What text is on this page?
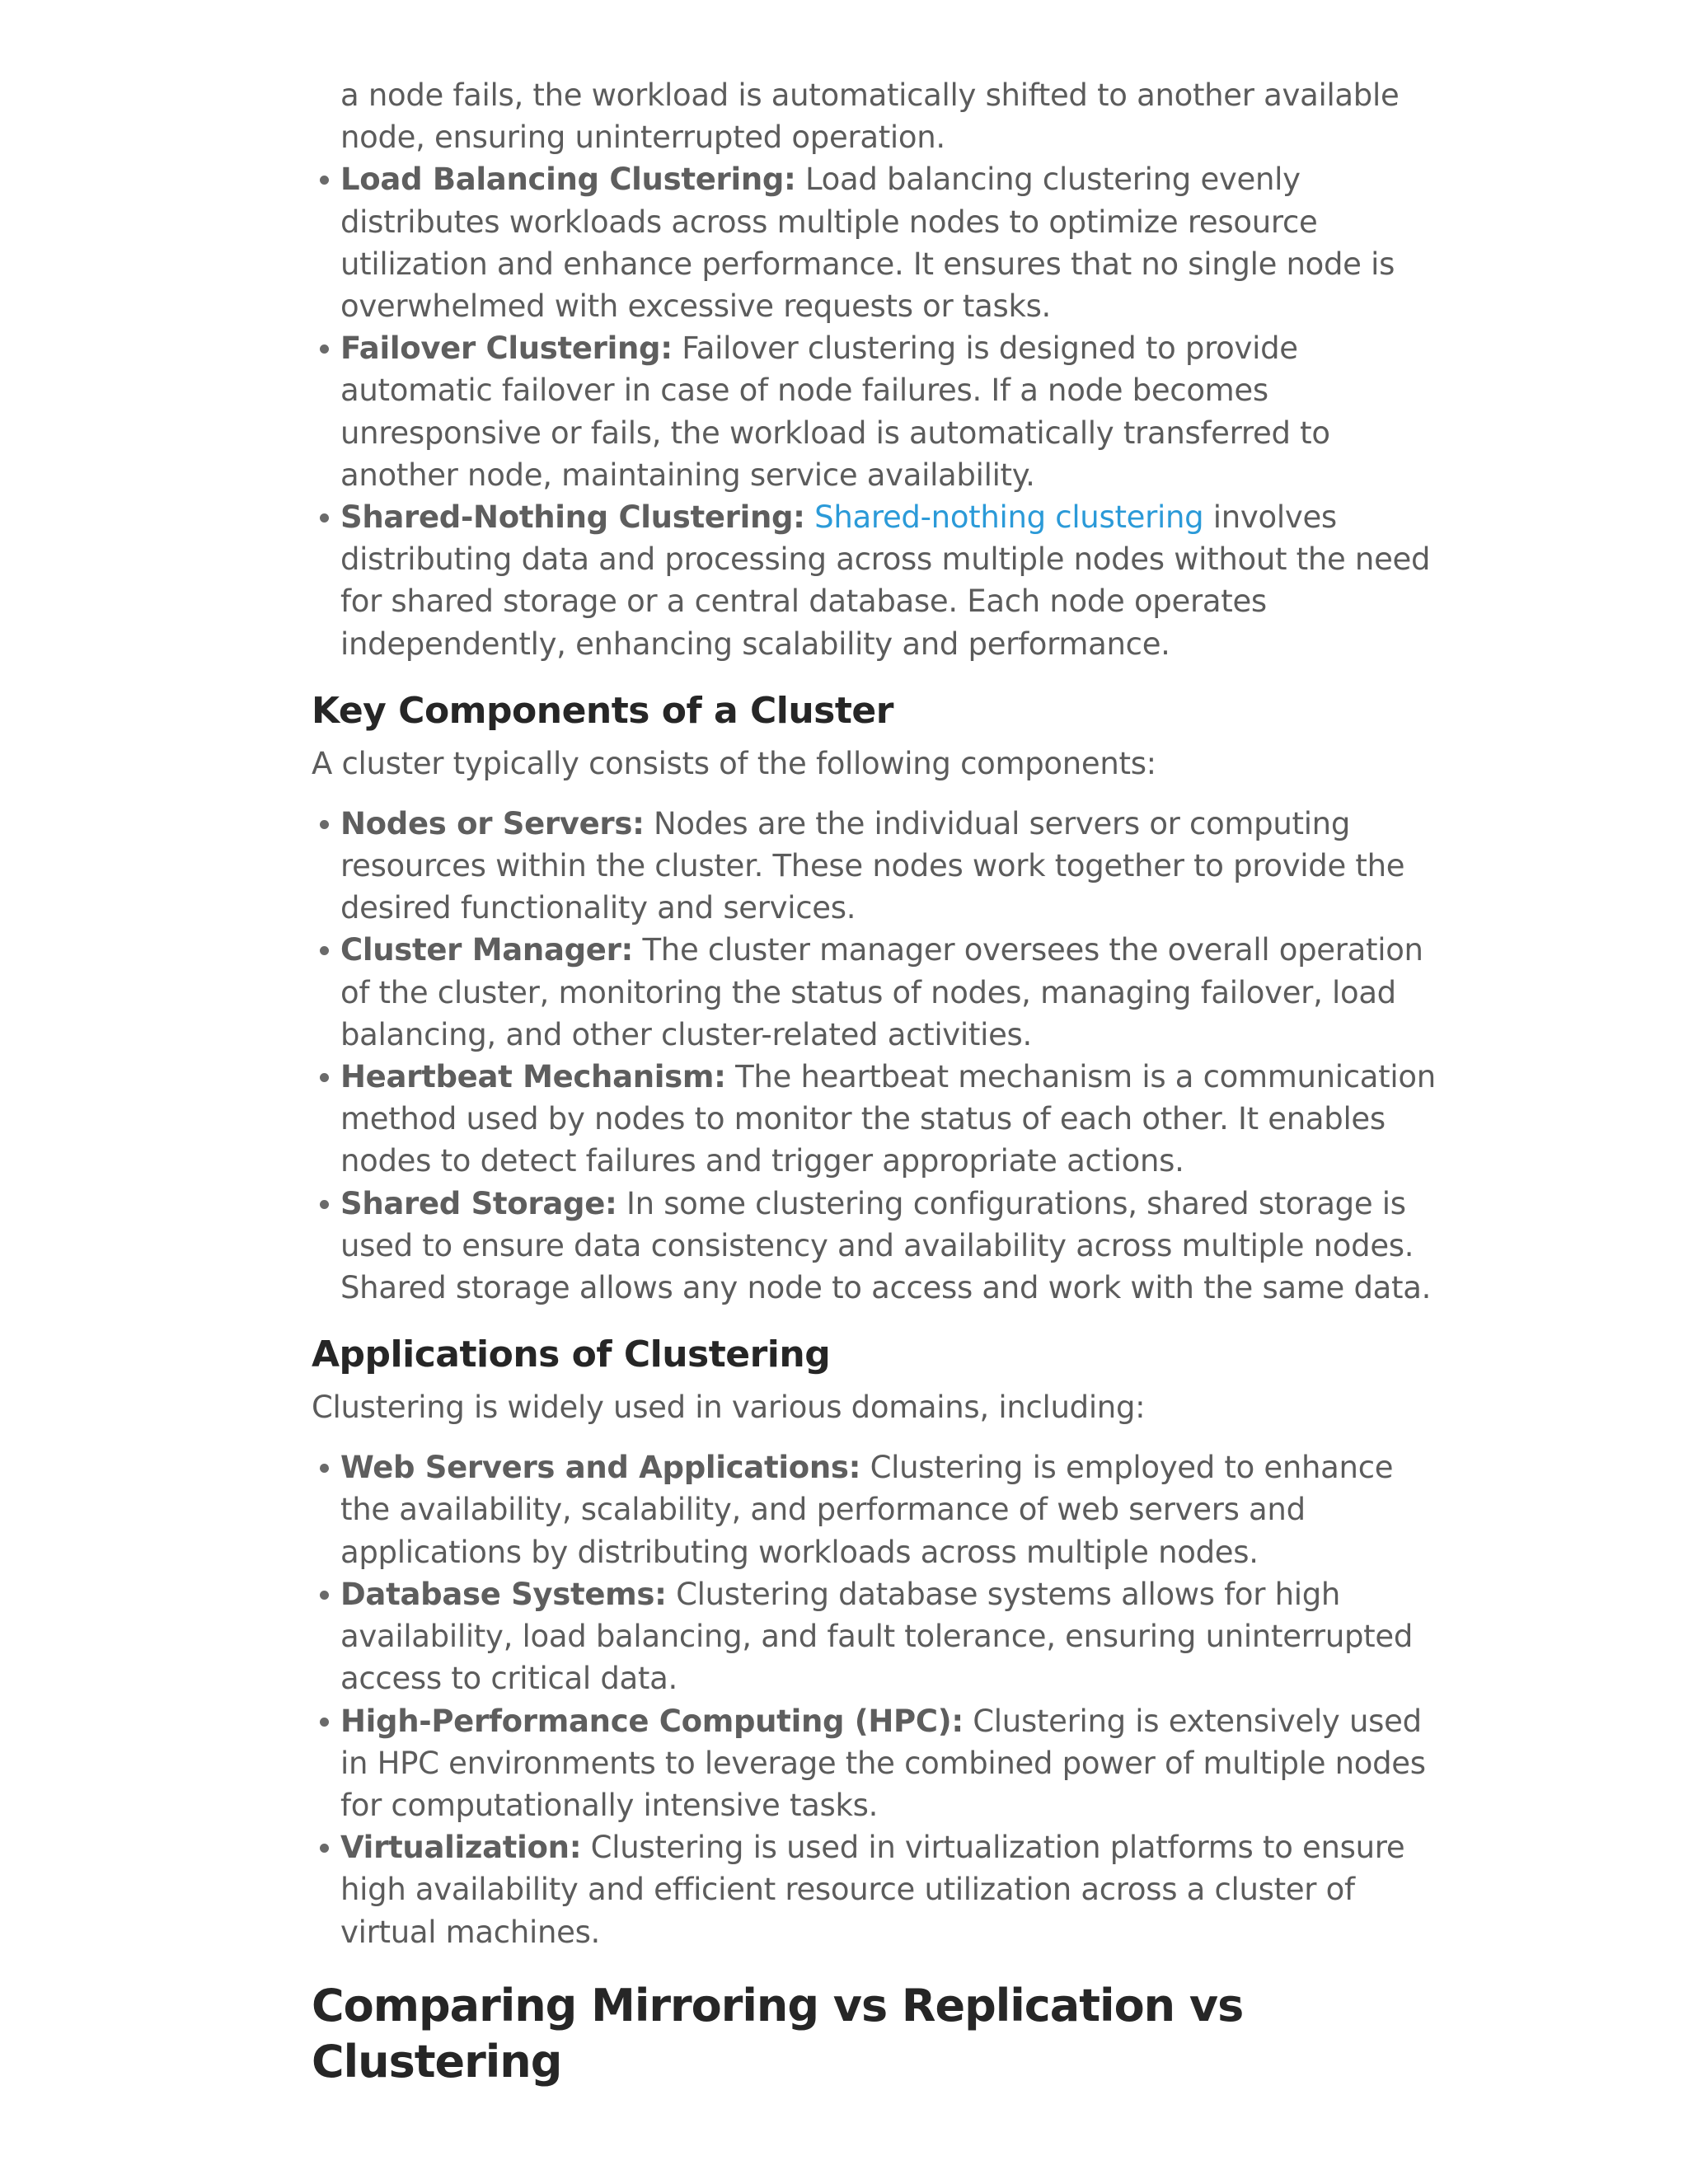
a node fails, the workload is automatically shifted to another available node, ensuring uninterrupted operation.
Load Balancing Clustering: Load balancing clustering evenly distributes workloads across multiple nodes to optimize resource utilization and enhance performance. It ensures that no single node is overwhelmed with excessive requests or tasks.
Failover Clustering: Failover clustering is designed to provide automatic failover in case of node failures. If a node becomes unresponsive or fails, the workload is automatically transferred to another node, maintaining service availability.
Shared-Nothing Clustering: Shared-nothing clustering involves distributing data and processing across multiple nodes without the need for shared storage or a central database. Each node operates independently, enhancing scalability and performance.
Key Components of a Cluster

A cluster typically consists of the following components:

Nodes or Servers: Nodes are the individual servers or computing resources within the cluster. These nodes work together to provide the desired functionality and services.
Cluster Manager: The cluster manager oversees the overall operation of the cluster, monitoring the status of nodes, managing failover, load balancing, and other cluster-related activities.
Heartbeat Mechanism: The heartbeat mechanism is a communication method used by nodes to monitor the status of each other. It enables nodes to detect failures and trigger appropriate actions.
Shared Storage: In some clustering configurations, shared storage is used to ensure data consistency and availability across multiple nodes. Shared storage allows any node to access and work with the same data.
Applications of Clustering

Clustering is widely used in various domains, including:

Web Servers and Applications: Clustering is employed to enhance the availability, scalability, and performance of web servers and applications by distributing workloads across multiple nodes.
Database Systems: Clustering database systems allows for high availability, load balancing, and fault tolerance, ensuring uninterrupted access to critical data.
High-Performance Computing (HPC): Clustering is extensively used in HPC environments to leverage the combined power of multiple nodes for computationally intensive tasks.
Virtualization: Clustering is used in virtualization platforms to ensure high availability and efficient resource utilization across a cluster of virtual machines.
Comparing Mirroring vs Replication vs Clustering
